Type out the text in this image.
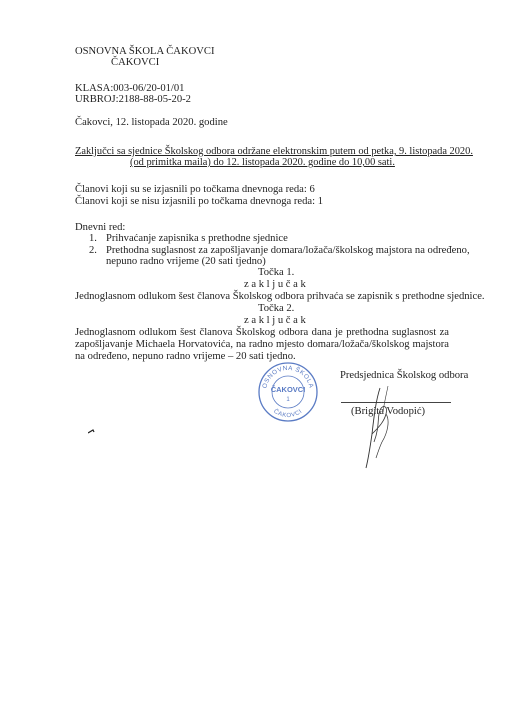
OSNOVNA ŠKOLA ČAKOVCI
ČAKOVCI
KLASA:003-06/20-01/01
URBROJ:2188-88-05-20-2
Čakovci, 12. listopada 2020. godine
Zaključci sa sjednice Školskog odbora održane elektronskim putem od petka, 9. listopada 2020.
(od primitka maila) do 12. listopada 2020. godine do 10,00 sati.
Članovi koji su se izjasnili po točkama dnevnoga reda: 6
Članovi koji se nisu izjasnili po točkama dnevnoga reda: 1
Dnevni red:
1. Prihvaćanje zapisnika s prethodne sjednice
2. Prethodna suglasnost za zapošljavanje domara/ložača/školskog majstora na određeno,
nepuno radno vrijeme (20 sati tjedno)
Točka 1.
z a k l j u č a k
Jednoglasnom odlukom šest članova Školskog odbora prihvaća se zapisnik s prethodne sjednice.
Točka 2.
z a k l j u č a k
Jednoglasnom odlukom šest članova Školskog odbora dana je prethodna suglasnost za zapošljavanje Michaela Horvatovića, na radno mjesto domara/ložača/školskog majstora na određeno, nepuno radno vrijeme – 20 sati tjedno.
OSNOVNA ŠKOLA
ČAKOVCI
1
ČAKOVCI
Predsjednica Školskog odbora
(Brigita Vodopić)
